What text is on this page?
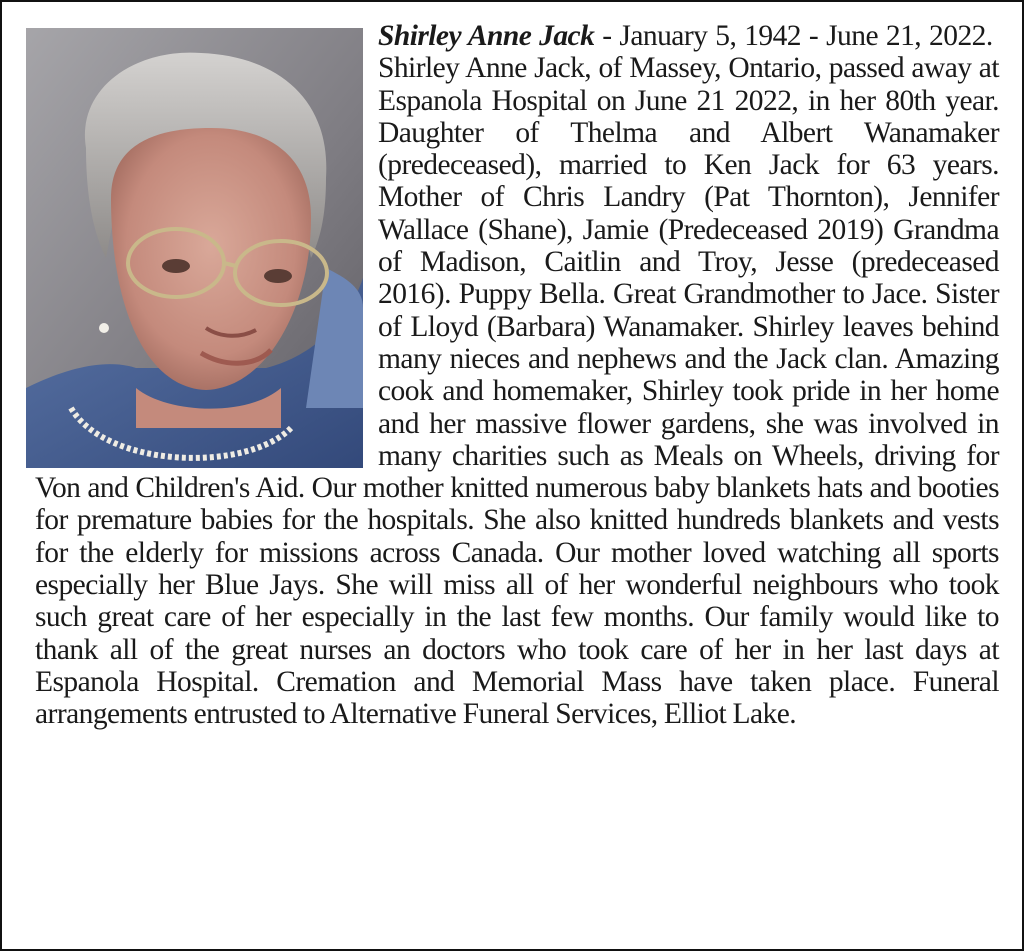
Shirley Anne Jack - January 5, 1942 - June 21, 2022.  Shirley Anne Jack, of Massey, Ontario, passed away at Espanola Hospital on June 21 2022, in her 80th year. Daughter of Thelma and Albert Wanamaker (predeceased), married to Ken Jack for 63 years. Mother of Chris Landry (Pat Thornton), Jennifer Wallace (Shane), Jamie (Predeceased 2019) Grandma of Madison, Caitlin and Troy, Jesse (predeceased 2016). Puppy Bella. Great Grandmother to Jace. Sister of Lloyd (Barbara) Wanamaker. Shirley leaves behind many nieces and nephews and the Jack clan. Amazing cook and homemaker, Shirley took pride in her home and her massive flower gardens, she was involved in many charities such as Meals on Wheels, driving for Von and Children's Aid. Our mother knitted numerous baby blankets hats and booties for premature babies for the hospitals. She also knitted hundreds blankets and vests for the elderly for missions across Canada. Our mother loved watching all sports especially her Blue Jays. She will miss all of her wonderful neighbours who took such great care of her especially in the last few months. Our family would like to thank all of the great nurses an doctors who took care of her in her last days at Espanola Hospital. Cremation and Memorial Mass have taken place. Funeral arrangements entrusted to Alternative Funeral Services, Elliot Lake.
